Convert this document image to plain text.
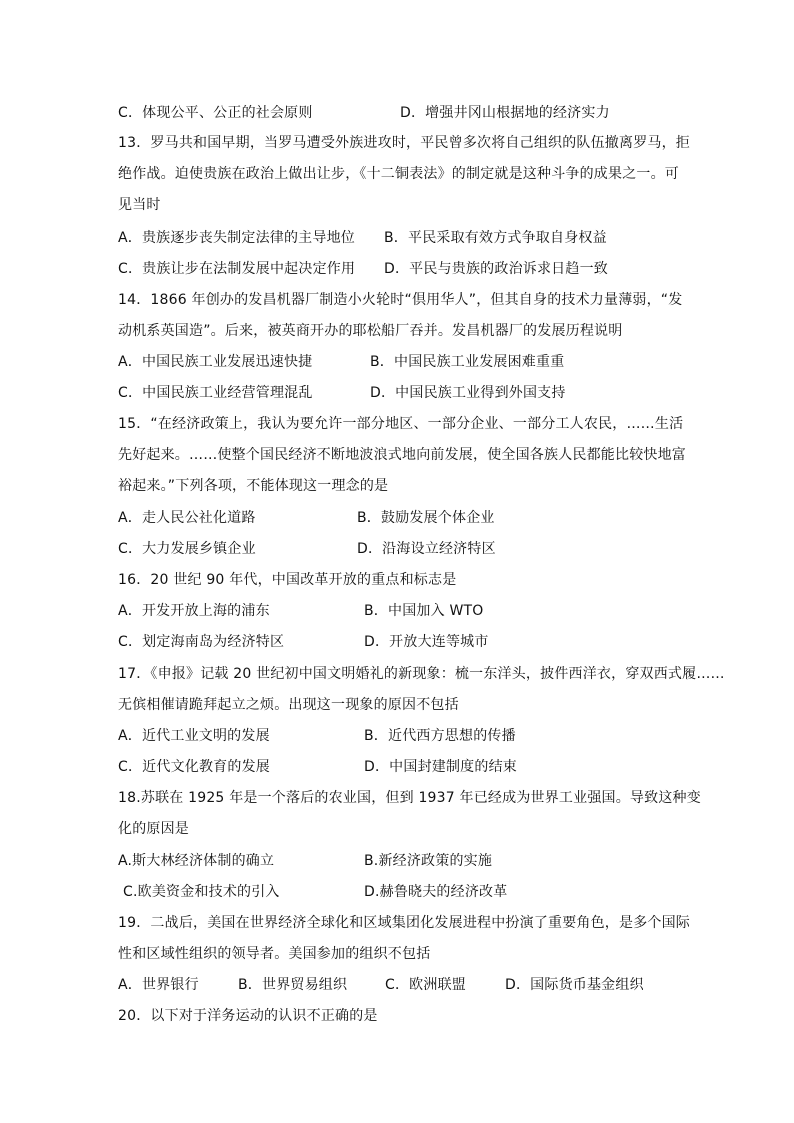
C．体现公平、公正的社会原则	D．增强井冈山根据地的经济实力
13．罗马共和国早期，当罗马遭受外族进攻时，平民曾多次将自己组织的队伍撤离罗马，拒
绝作战。迫使贵族在政治上做出让步，《十二铜表法》的制定就是这种斗争的成果之一。可
见当时
A．贵族逐步丧失制定法律的主导地位 B．平民采取有效方式争取自身权益
C．贵族让步在法制发展中起决定作用 D．平民与贵族的政治诉求日趋一致
14．1866 年创办的发昌机器厂制造小火轮时“倶用华人”，但其自身的技术力量薄弱，“发
动机系英国造”。后来，被英商开办的耶松船厂吞并。发昌机器厂的发展历程说明
A．中国民族工业发展迅速快捷	B．中国民族工业发展困难重重
C．中国民族工业经营管理混乱	D．中国民族工业得到外国支持
15．“在经济政策上，我认为要允许一部分地区、一部分企业、一部分工人农民，……生活
先好起来。……使整个国民经济不断地波浪式地向前发展，使全国各族人民都能比较快地富
裕起来。”下列各项，不能体现这一理念的是
A．走人民公社化道路	B．鼓励发展个体企业
C．大力发展乡镇企业	D．沿海设立经济特区
16．20 世纪 90 年代，中国改革开放的重点和标志是
A．开发开放上海的浦东	B．中国加入 WTO
C．划定海南岛为经济特区	D．开放大连等城市
17．《申报》记载 20 世纪初中国文明婚礼的新现象：梳一东洋头，披件西洋衣，穿双西式履……
无傧相催请跪拜起立之烦。出现这一现象的原因不包括
A．近代工业文明的发展	B．近代西方思想的传播
C．近代文化教育的发展	D．中国封建制度的结束
18.苏联在 1925 年是一个落后的农业国，但到 1937 年已经成为世界工业强国。导致这种变
化的原因是
A.斯大林经济体制的确立	B.新经济政策的实施
C.欧美资金和技术的引入	D.赫鲁晓夫的经济改革
19．二战后，美国在世界经济全球化和区域集团化发展进程中扮演了重要角色，是多个国际
性和区域性组织的领导者。美国参加的组织不包括
A．世界银行	B．世界贸易组织	C．欧洲联盟	D．国际货币基金组织
20．以下对于洋务运动的认识不正确的是
